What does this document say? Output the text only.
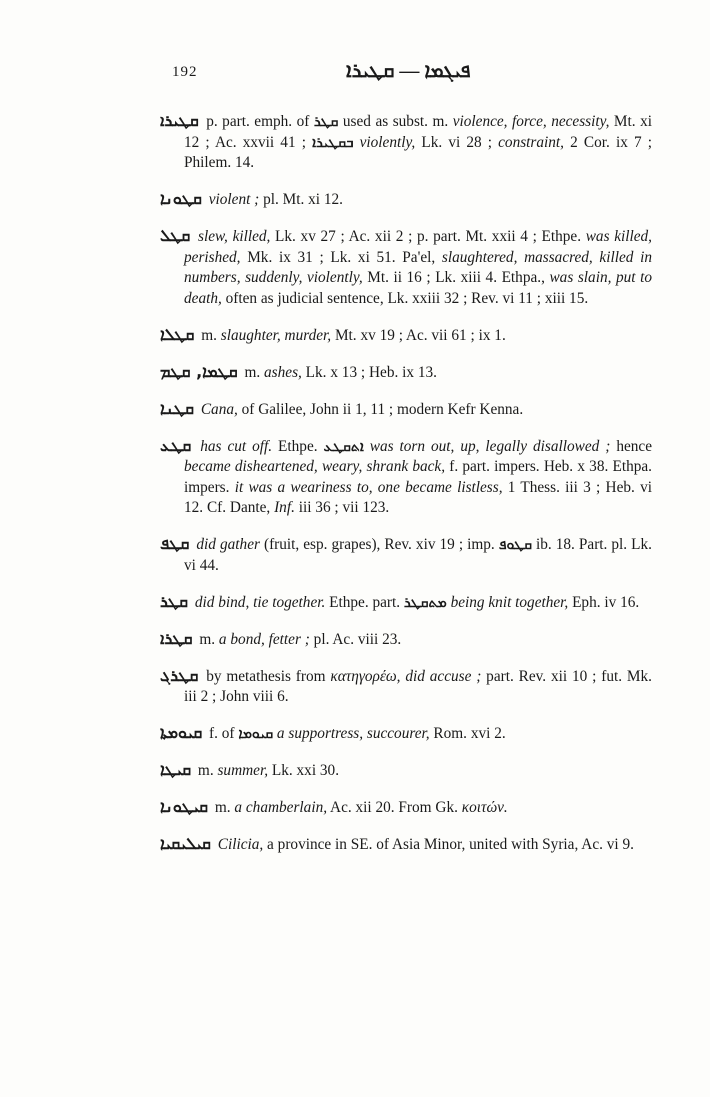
192	ܦܝܓܡܐ — ܩܛܝܪܐ

ܩܛܝܪܐ p. part. emph. of ܩܛܪ used as subst. m. violence, force, necessity, Mt. xi 12 ; Ac. xxvii 41 ; ܒܩܛܝܪܐ violently, Lk. vi 28 ; constraint, 2 Cor. ix 7 ; Philem. 14.

ܩܛܘܢܐ violent ; pl. Mt. xi 12.

ܩܛܠ slew, killed, Lk. xv 27 ; Ac. xii 2 ; p. part. Mt. xxii 4 ; Ethpe. was killed, perished, Mk. ix 31 ; Lk. xi 51. Pa'el, slaughtered, massacred, killed in numbers, suddenly, violently, Mt. ii 16 ; Lk. xiii 4. Ethpa., was slain, put to death, often as judicial sentence, Lk. xxiii 32 ; Rev. vi 11 ; xiii 15.

ܩܛܠܐ m. slaughter, murder, Mt. xv 19 ; Ac. vii 61 ; ix 1.

ܩܛܡܐ, ܩܛܡ m. ashes, Lk. x 13 ; Heb. ix 13.

ܩܛܢܐ Cana, of Galilee, John ii 1, 11 ; modern Kefr Kenna.

ܩܛܥ has cut off. Ethpe. ܐܬܩܛܥ was torn out, up, legally disallowed ; hence became disheartened, weary, shrank back, f. part. impers. Heb. x 38. Ethpa. impers. it was a weariness to, one became listless, 1 Thess. iii 3 ; Heb. vi 12. Cf. Dante, Inf. iii 36 ; vii 123.

ܩܛܦ did gather (fruit, esp. grapes), Rev. xiv 19 ; imp. ܩܛܘܦ ib. 18. Part. pl. Lk. vi 44.

ܩܛܪ did bind, tie together. Ethpe. part. ܡܬܩܛܪ being knit together, Eph. iv 16.

ܩܛܪܐ m. a bond, fetter ; pl. Ac. viii 23.

ܩܛܪܓ by metathesis from κατηγορέω, did accuse ; part. Rev. xii 10 ; fut. Mk. iii 2 ; John viii 6.

ܩܝܘܡܬܐ f. of ܩܝܘܡܐ a supportress, succourer, Rom. xvi 2.

ܩܝܛܐ m. summer, Lk. xxi 30.

ܩܝܛܘܢܐ m. a chamberlain, Ac. xii 20. From Gk. κοιτών.

ܩܝܠܝܩܝܐ Cilicia, a province in SE. of Asia Minor, united with Syria, Ac. vi 9.
